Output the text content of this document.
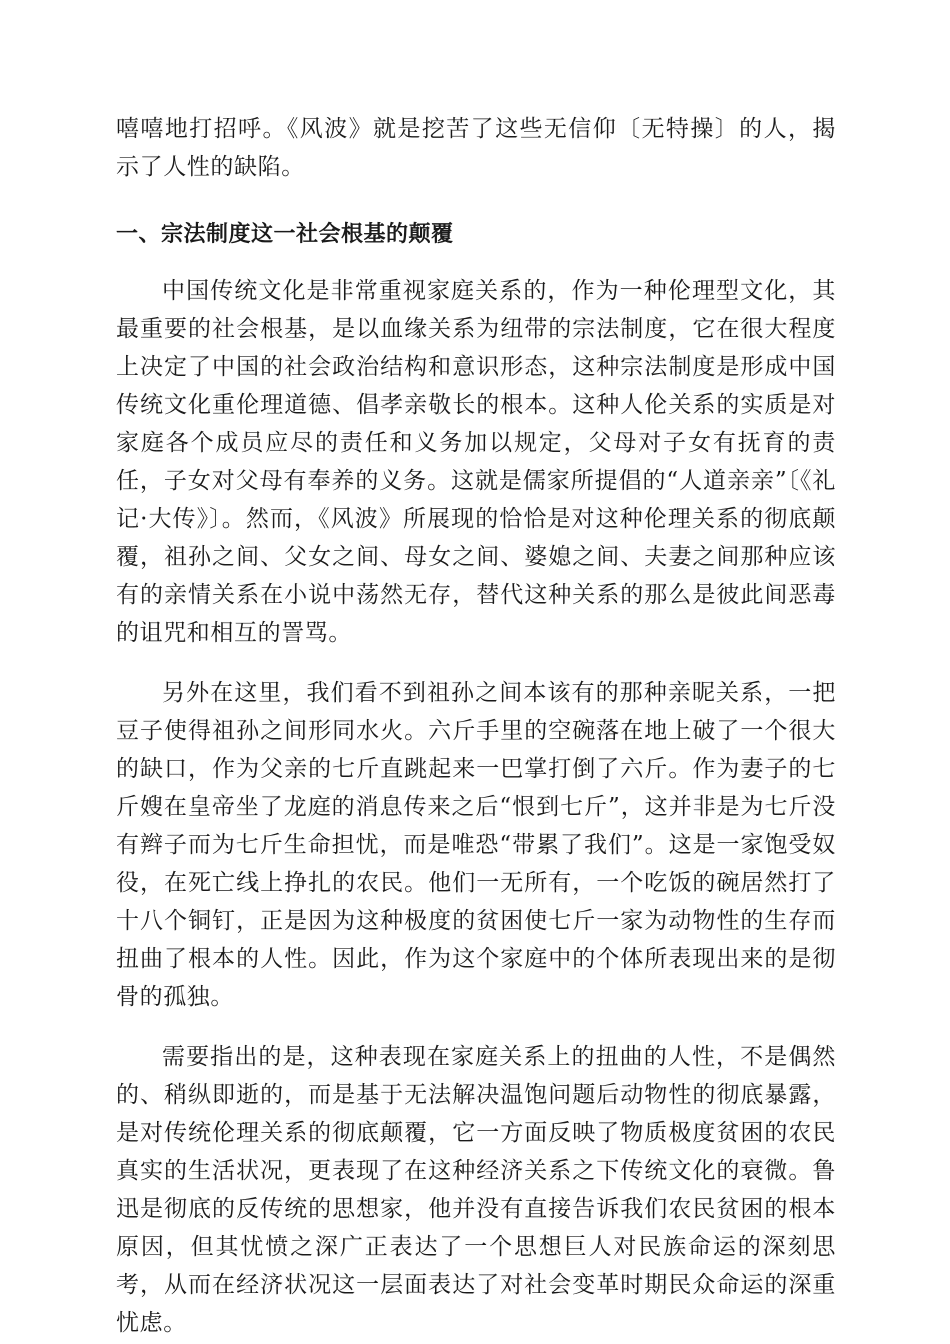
嘻嘻地打招呼。《风波》就是挖苦了这些无信仰〔无特操〕的人，揭示了人性的缺陷。

一、宗法制度这一社会根基的颠覆

中国传统文化是非常重视家庭关系的，作为一种伦理型文化，其最重要的社会根基，是以血缘关系为纽带的宗法制度，它在很大程度上决定了中国的社会政治结构和意识形态，这种宗法制度是形成中国传统文化重伦理道德、倡孝亲敬长的根本。这种人伦关系的实质是对家庭各个成员应尽的责任和义务加以规定，父母对子女有抚育的责任，子女对父母有奉养的义务。这就是儒家所提倡的“人道亲亲”〔《礼记·大传》〕。然而，《风波》所展现的恰恰是对这种伦理关系的彻底颠覆，祖孙之间、父女之间、母女之间、婆媳之间、夫妻之间那种应该有的亲情关系在小说中荡然无存，替代这种关系的那么是彼此间恶毒的诅咒和相互的詈骂。

另外在这里，我们看不到祖孙之间本该有的那种亲昵关系，一把豆子使得祖孙之间形同水火。六斤手里的空碗落在地上破了一个很大的缺口，作为父亲的七斤直跳起来一巴掌打倒了六斤。作为妻子的七斤嫂在皇帝坐了龙庭的消息传来之后“恨到七斤”，这并非是为七斤没有辫子而为七斤生命担忧，而是唯恐“带累了我们”。这是一家饱受奴役，在死亡线上挣扎的农民。他们一无所有，一个吃饭的碗居然打了十八个铜钉，正是因为这种极度的贫困使七斤一家为动物性的生存而扭曲了根本的人性。因此，作为这个家庭中的个体所表现出来的是彻骨的孤独。

需要指出的是，这种表现在家庭关系上的扭曲的人性，不是偶然的、稍纵即逝的，而是基于无法解决温饱问题后动物性的彻底暴露，是对传统伦理关系的彻底颠覆，它一方面反映了物质极度贫困的农民真实的生活状况，更表现了在这种经济关系之下传统文化的衰微。鲁迅是彻底的反传统的思想家，他并没有直接告诉我们农民贫困的根本原因，但其忧愤之深广正表达了一个思想巨人对民族命运的深刻思考，从而在经济状况这一层面表达了对社会变革时期民众命运的深重忧虑。
